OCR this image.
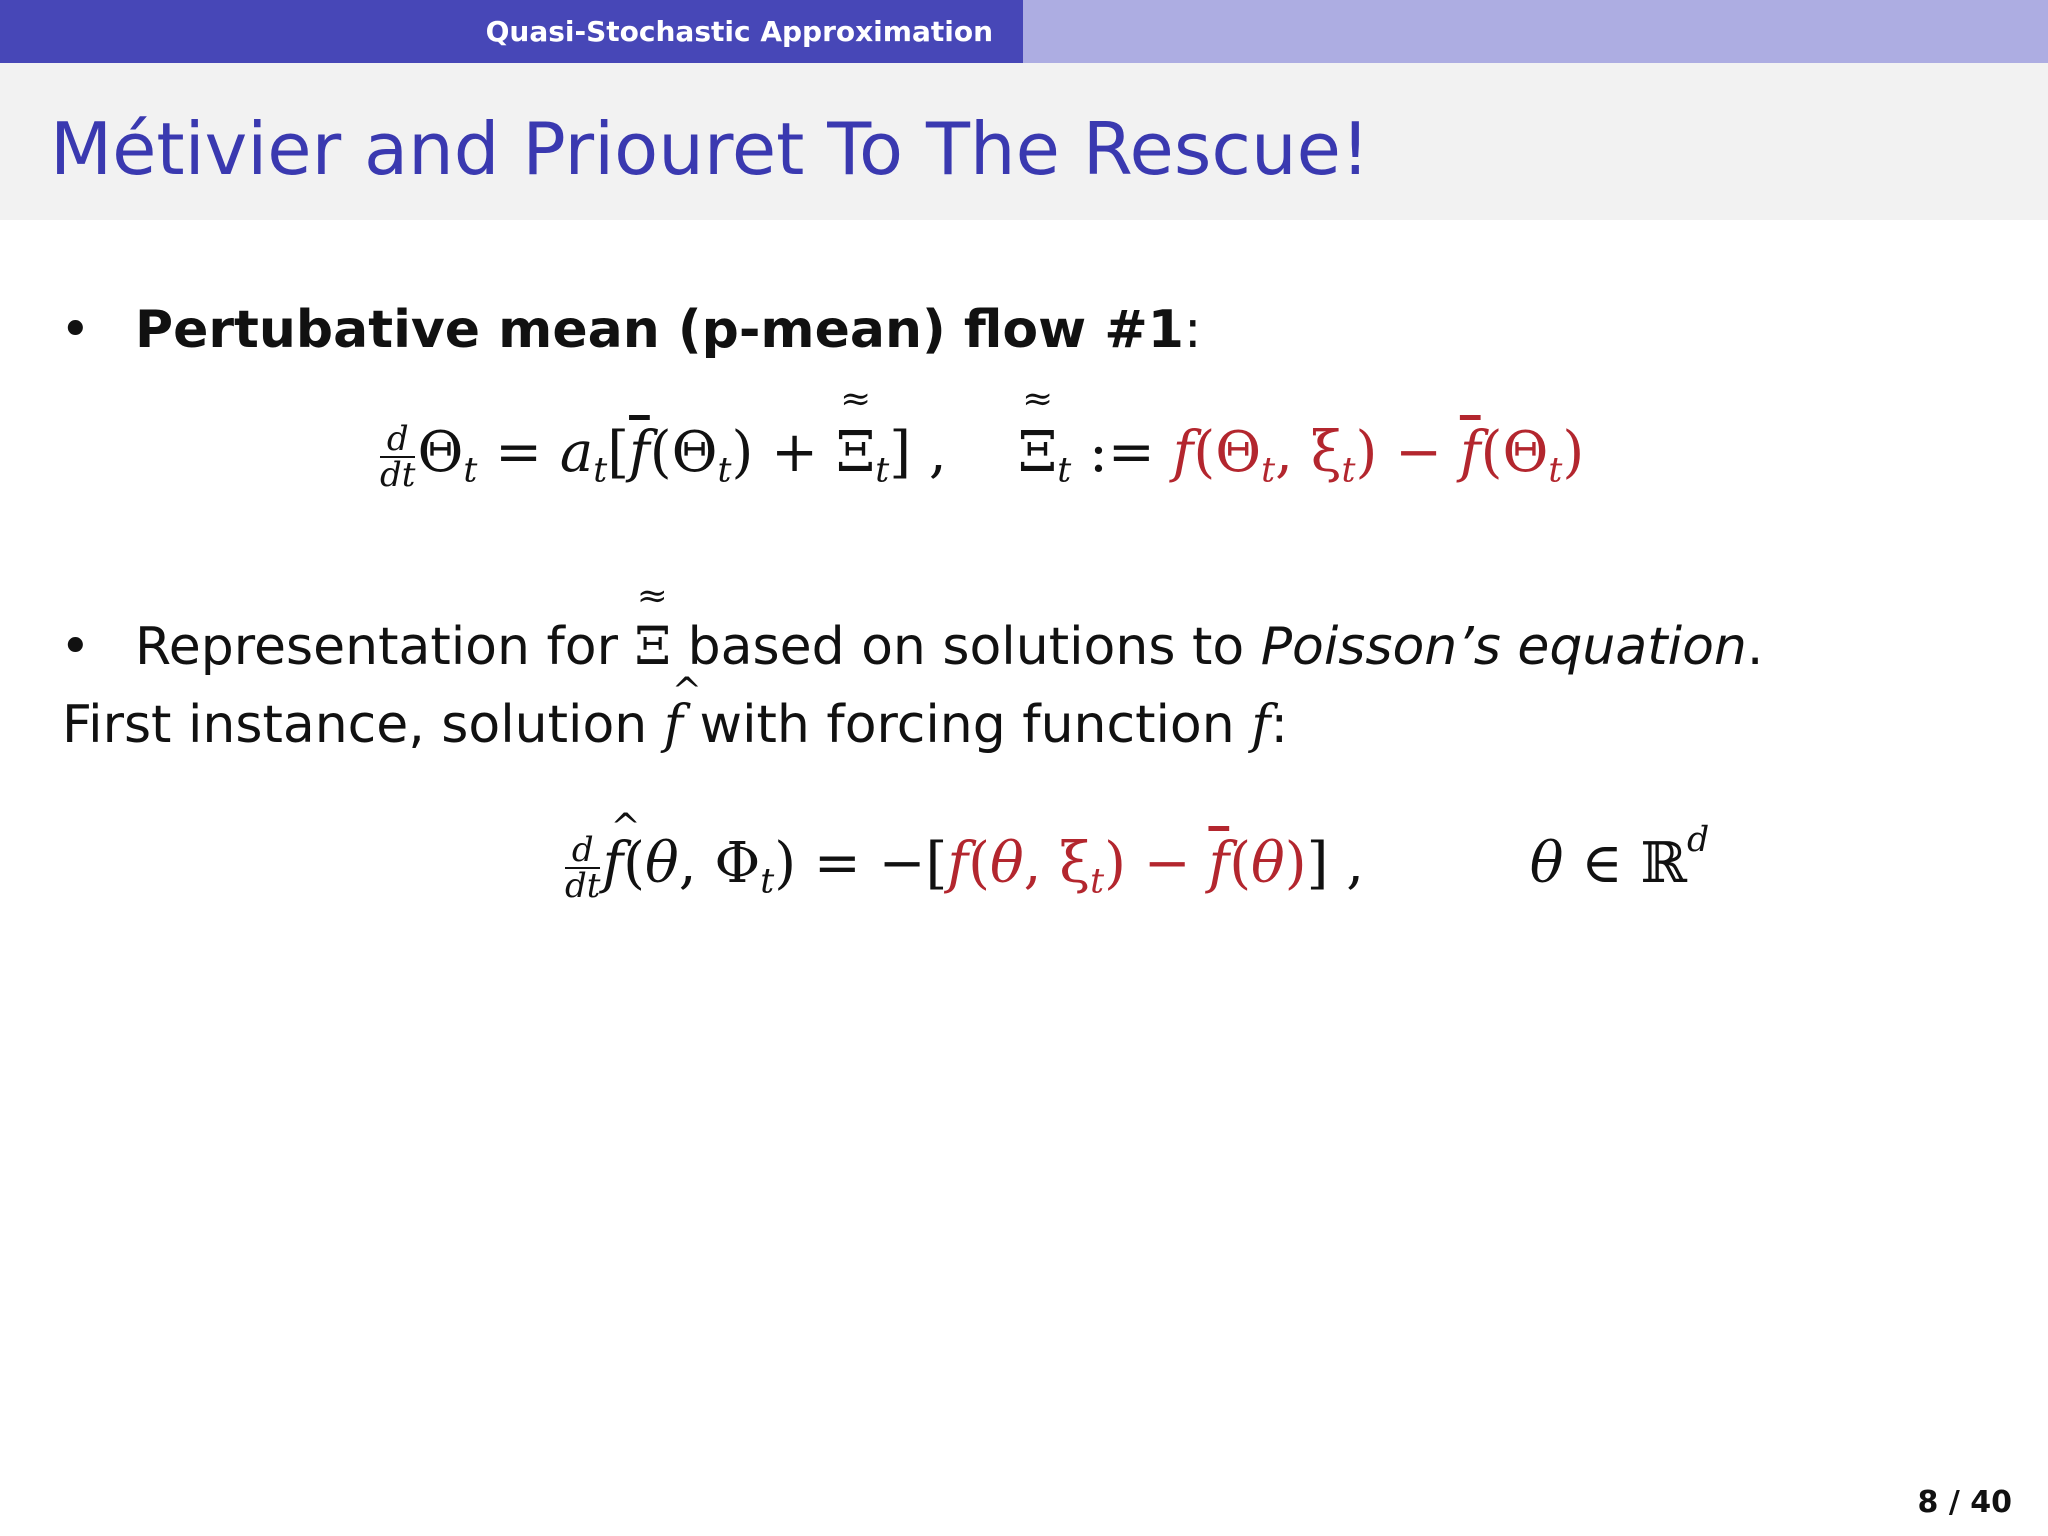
Quasi-Stochastic Approximation
Métivier and Priouret To The Rescue!
• Pertubative mean (p-mean) flow #1:
$\frac{d}{dt} \Theta_t = a_t[\overline{f}(\Theta_t)$ + ≈ $\Xi_t$] ,    ≈ $\Xi_t$ := $f(\Theta_t$, $\xi_t) - \overline{f}(\Theta_t)$
• Representation for ≈ Ξ based on solutions to Poisson’s equation.
First instance, solution ^ f with forcing function f:
$\frac{d}{dt}$ ^ f(θ, $\Phi_t) = -[f(\theta$, $\xi_t) - \overline{f}(\theta)$] ,	θ ∈ ℝ$^d$
8 / 40
